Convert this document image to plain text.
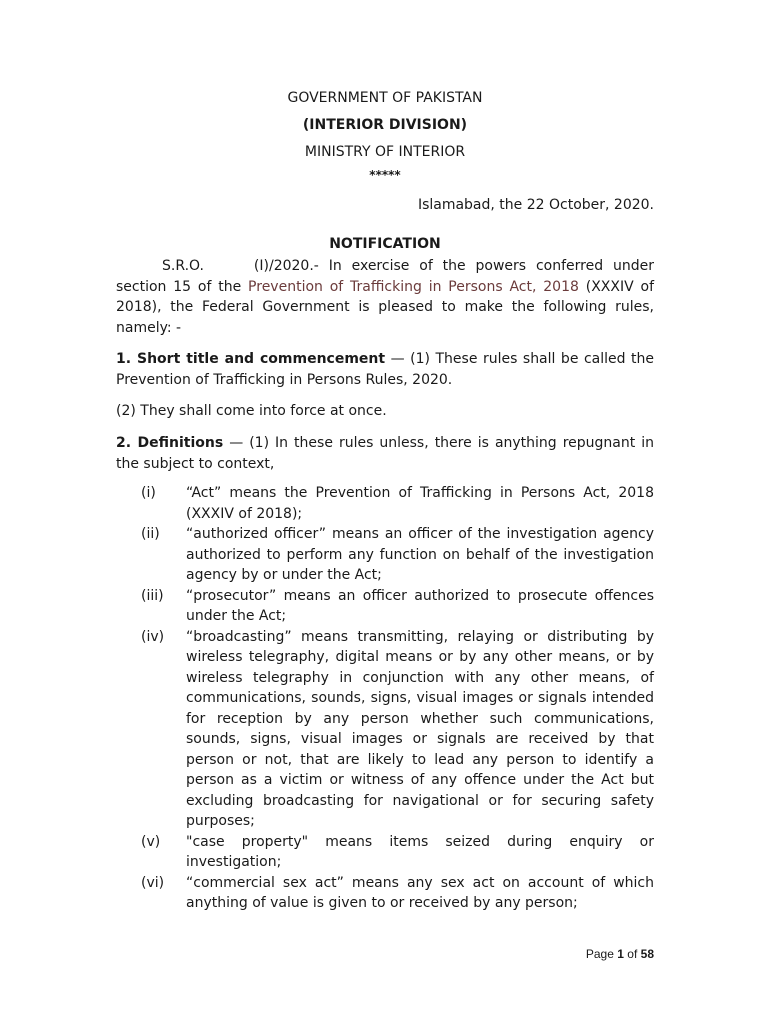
GOVERNMENT OF PAKISTAN
(INTERIOR DIVISION)
MINISTRY OF INTERIOR
*****
Islamabad, the 22 October, 2020.
NOTIFICATION

S.R.O.	(I)/2020.- In exercise of the powers conferred under section 15 of the Prevention of Trafficking in Persons Act, 2018 (XXXIV of 2018), the Federal Government is pleased to make the following rules, namely: -

1. Short title and commencement — (1) These rules shall be called the Prevention of Trafficking in Persons Rules, 2020.

(2) They shall come into force at once.

2. Definitions — (1) In these rules unless, there is anything repugnant in the subject to context,

(i)	“Act” means the Prevention of Trafficking in Persons Act, 2018 (XXXIV of 2018);
(ii)	“authorized officer” means an officer of the investigation agency authorized to perform any function on behalf of the investigation agency by or under the Act;
(iii)	“prosecutor” means an officer authorized to prosecute offences under the Act;
(iv)	“broadcasting” means transmitting, relaying or distributing by wireless telegraphy, digital means or by any other means, or by wireless telegraphy in conjunction with any other means, of communications, sounds, signs, visual images or signals intended for reception by any person whether such communications, sounds, signs, visual images or signals are received by that person or not, that are likely to lead any person to identify a person as a victim or witness of any offence under the Act but excluding broadcasting for navigational or for securing safety purposes;
(v)	"case property" means items seized during enquiry or investigation;
(vi)	“commercial sex act” means any sex act on account of which anything of value is given to or received by any person;
Page 1 of 58
